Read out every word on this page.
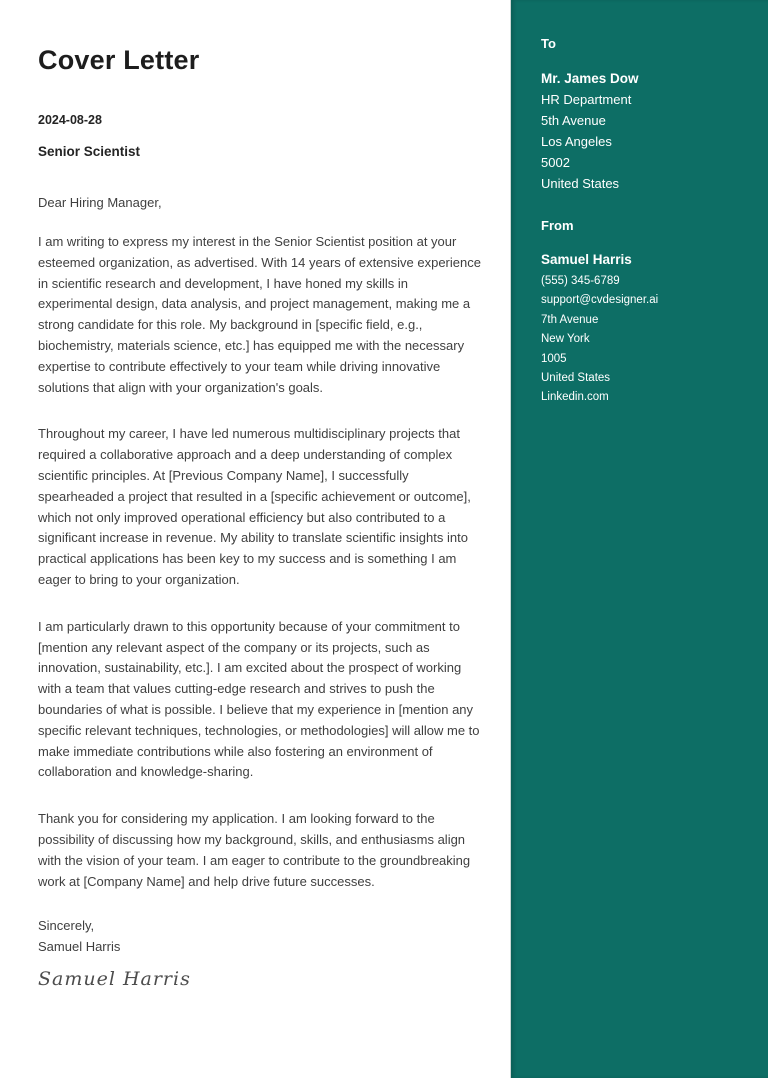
Cover Letter
2024-08-28
Senior Scientist
Dear Hiring Manager,

I am writing to express my interest in the Senior Scientist position at your esteemed organization, as advertised. With 14 years of extensive experience in scientific research and development, I have honed my skills in experimental design, data analysis, and project management, making me a strong candidate for this role. My background in [specific field, e.g., biochemistry, materials science, etc.] has equipped me with the necessary expertise to contribute effectively to your team while driving innovative solutions that align with your organization's goals.

Throughout my career, I have led numerous multidisciplinary projects that required a collaborative approach and a deep understanding of complex scientific principles. At [Previous Company Name], I successfully spearheaded a project that resulted in a [specific achievement or outcome], which not only improved operational efficiency but also contributed to a significant increase in revenue. My ability to translate scientific insights into practical applications has been key to my success and is something I am eager to bring to your organization.

I am particularly drawn to this opportunity because of your commitment to [mention any relevant aspect of the company or its projects, such as innovation, sustainability, etc.]. I am excited about the prospect of working with a team that values cutting-edge research and strives to push the boundaries of what is possible. I believe that my experience in [mention any specific relevant techniques, technologies, or methodologies] will allow me to make immediate contributions while also fostering an environment of collaboration and knowledge-sharing.

Thank you for considering my application. I am looking forward to the possibility of discussing how my background, skills, and enthusiasms align with the vision of your team. I am eager to contribute to the groundbreaking work at [Company Name] and help drive future successes.

Sincerely,
Samuel Harris
Samuel Harris
To
Mr. James Dow
HR Department
5th Avenue
Los Angeles
5002
United States
From
Samuel Harris
(555) 345-6789
support@cvdesigner.ai
7th Avenue
New York
1005
United States
Linkedin.com
